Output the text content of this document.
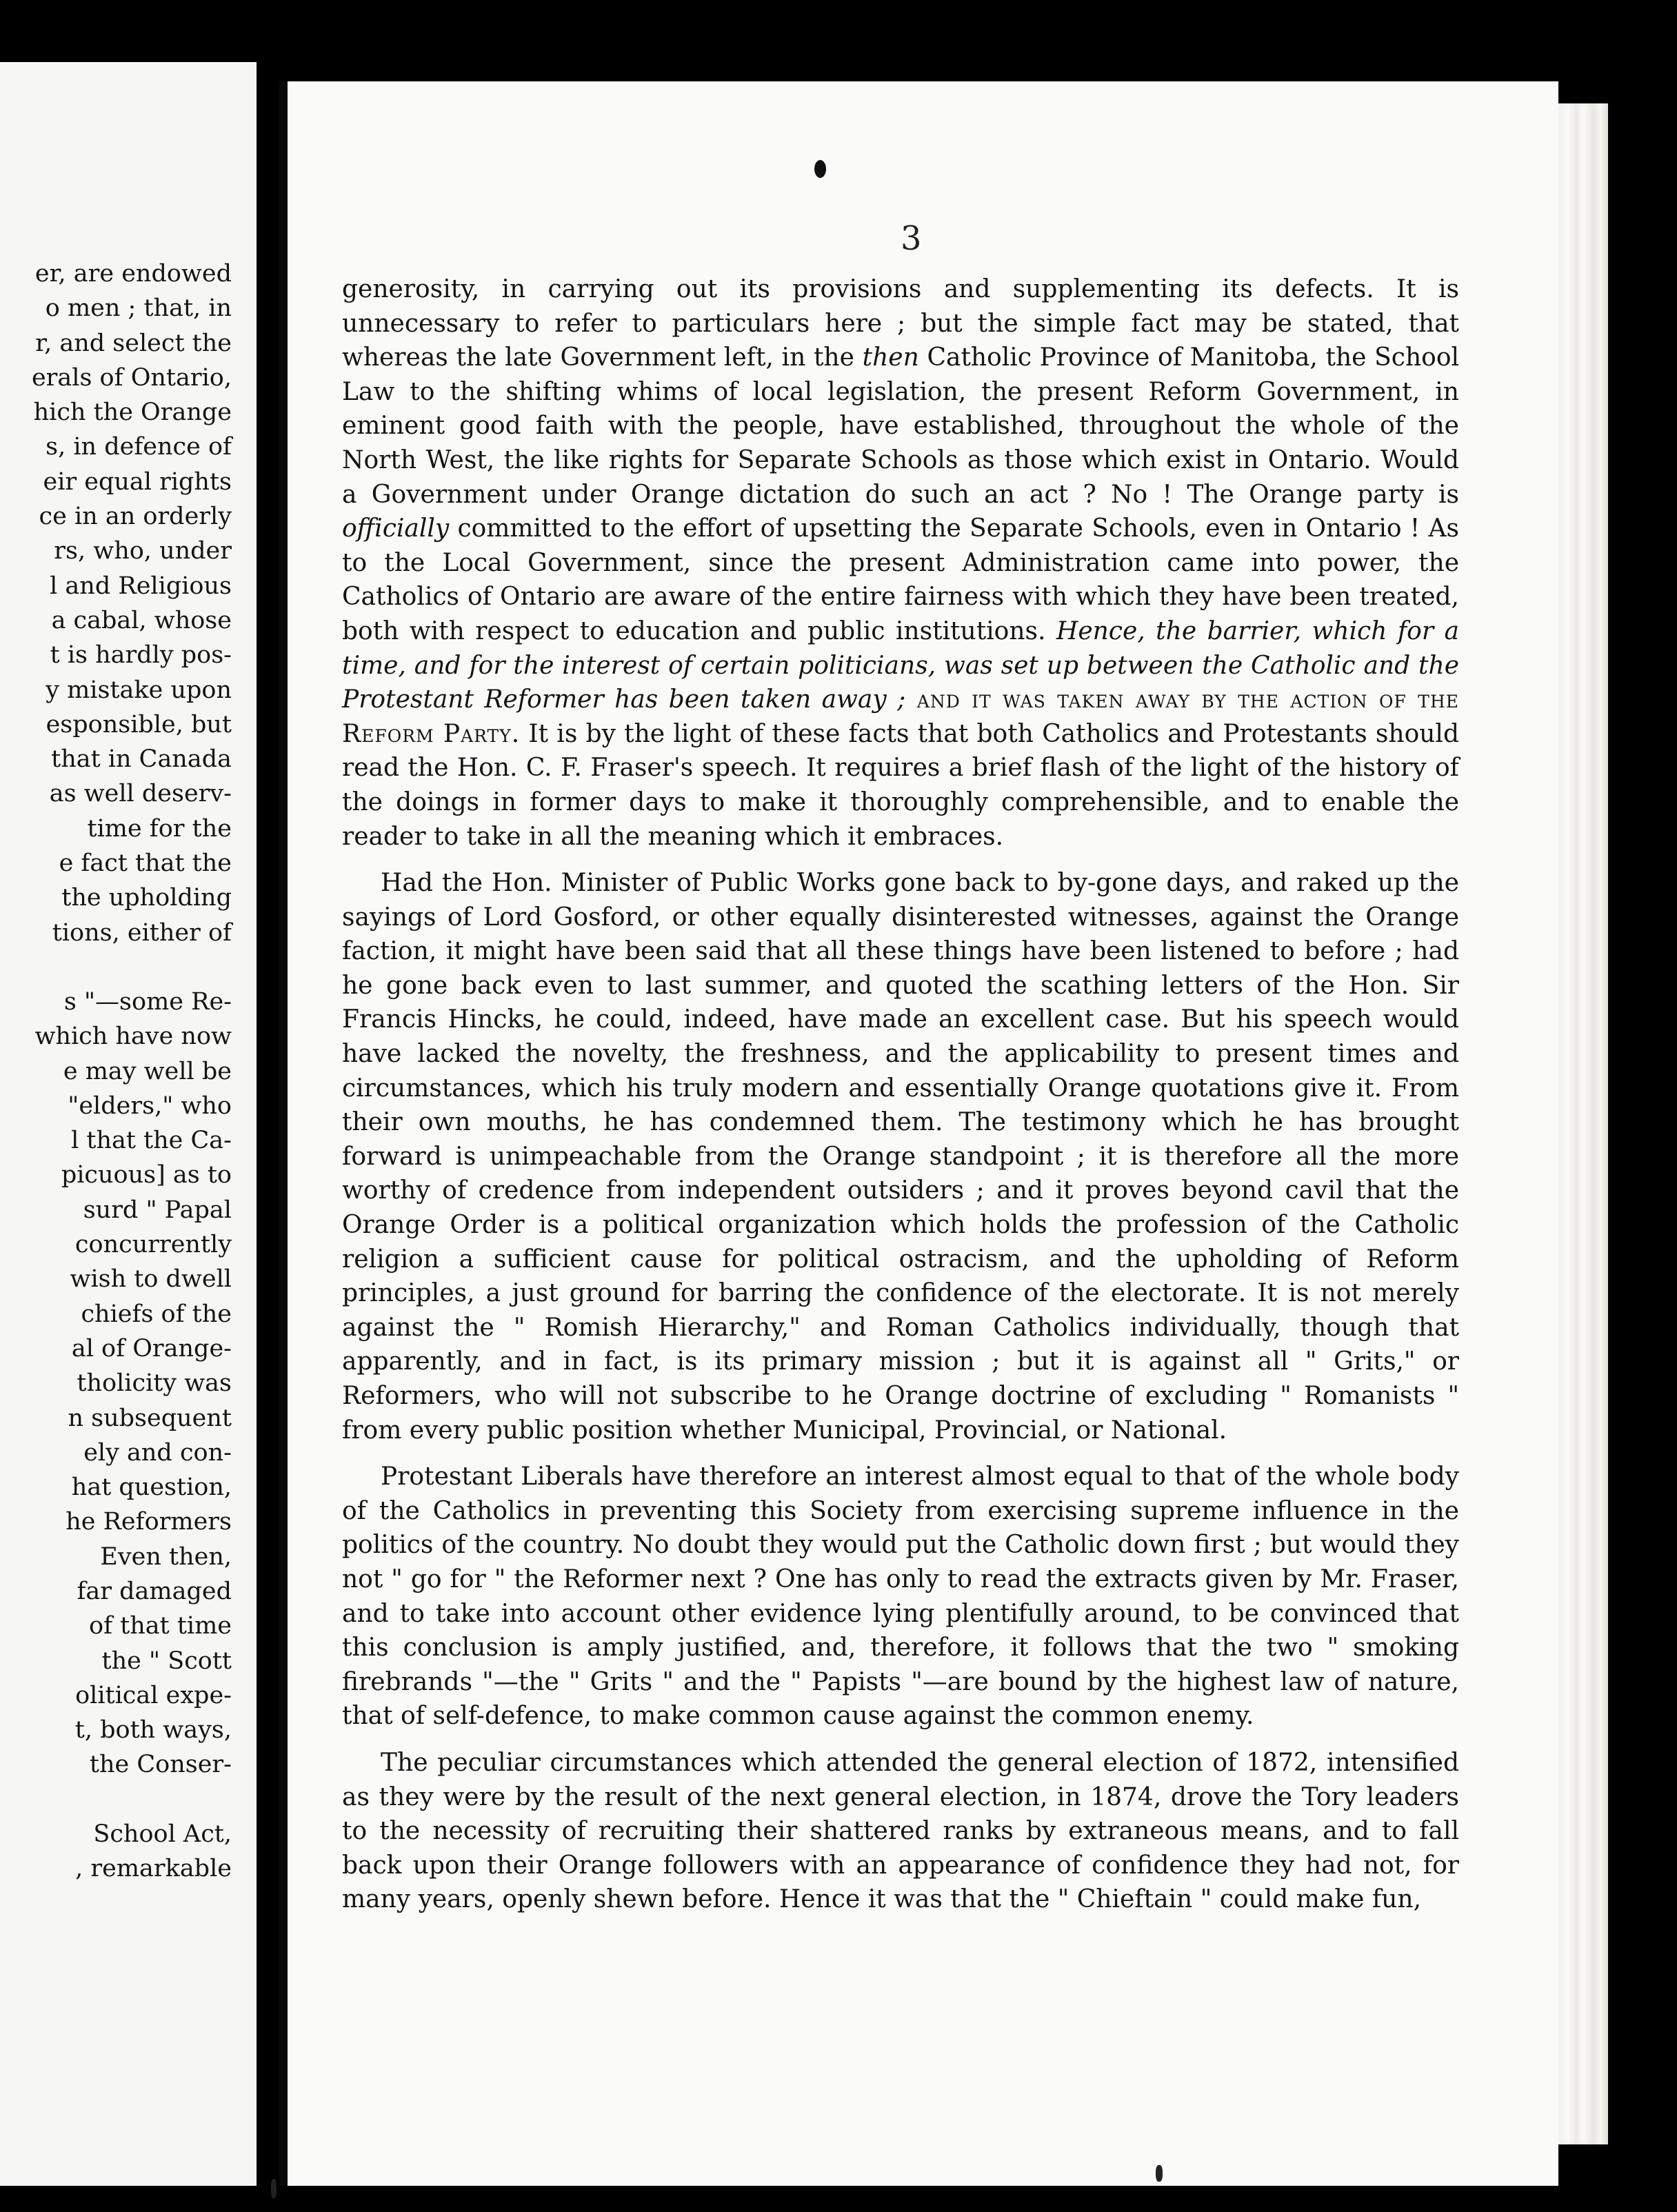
er, are endowed
o men ; that, in
r, and select the
erals of Ontario,
hich the Orange
s, in defence of
eir equal rights
ce in an orderly
rs, who, under
l and Religious
a cabal, whose
t is hardly pos-
y mistake upon
esponsible, but
that in Canada
as well deserv-
time for the
e fact that the
the upholding
tions, either of
s "—some Re-
which have now
e may well be
"elders," who
l that the Ca-
picuous] as to
surd " Papal
concurrently
wish to dwell
chiefs of the
al of Orange-
tholicity was
n subsequent
ely and con-
hat question,
he Reformers
Even then,
far damaged
of that time
the " Scott
olitical expe-
t, both ways,
the Conser-
School Act,
, remarkable
3

generosity, in carrying out its provisions and supplementing its defects. It is unnecessary to refer to particulars here ; but the simple fact may be stated, that whereas the late Government left, in the then Catholic Province of Manitoba, the School Law to the shifting whims of local legislation, the present Reform Government, in eminent good faith with the people, have established, throughout the whole of the North West, the like rights for Separate Schools as those which exist in Ontario. Would a Government under Orange dictation do such an act ? No ! The Orange party is officially committed to the effort of upsetting the Separate Schools, even in Ontario ! As to the Local Government, since the present Administration came into power, the Catholics of Ontario are aware of the entire fairness with which they have been treated, both with respect to education and public institutions. Hence, the barrier, which for a time, and for the interest of certain politicians, was set up between the Catholic and the Protestant Reformer has been taken away ; and it was taken away by the action of the Reform Party. It is by the light of these facts that both Catholics and Protestants should read the Hon. C. F. Fraser's speech. It requires a brief flash of the light of the history of the doings in former days to make it thoroughly comprehensible, and to enable the reader to take in all the meaning which it embraces.

Had the Hon. Minister of Public Works gone back to by-gone days, and raked up the sayings of Lord Gosford, or other equally disinterested witnesses, against the Orange faction, it might have been said that all these things have been listened to before ; had he gone back even to last summer, and quoted the scathing letters of the Hon. Sir Francis Hincks, he could, indeed, have made an excellent case. But his speech would have lacked the novelty, the freshness, and the applicability to present times and circumstances, which his truly modern and essentially Orange quotations give it. From their own mouths, he has condemned them. The testimony which he has brought forward is unimpeachable from the Orange standpoint ; it is therefore all the more worthy of credence from independent outsiders ; and it proves beyond cavil that the Orange Order is a political organization which holds the profession of the Catholic religion a sufficient cause for political ostracism, and the upholding of Reform principles, a just ground for barring the confidence of the electorate. It is not merely against the " Romish Hierarchy," and Roman Catholics individually, though that apparently, and in fact, is its primary mission ; but it is against all " Grits," or Reformers, who will not subscribe to he Orange doctrine of excluding " Romanists " from every public position whether Municipal, Provincial, or National.

Protestant Liberals have therefore an interest almost equal to that of the whole body of the Catholics in preventing this Society from exercising supreme influence in the politics of the country. No doubt they would put the Catholic down first ; but would they not " go for " the Reformer next ? One has only to read the extracts given by Mr. Fraser, and to take into account other evidence lying plentifully around, to be convinced that this conclusion is amply justified, and, therefore, it follows that the two " smoking firebrands "—the " Grits " and the " Papists "—are bound by the highest law of nature, that of self-defence, to make common cause against the common enemy.

The peculiar circumstances which attended the general election of 1872, intensified as they were by the result of the next general election, in 1874, drove the Tory leaders to the necessity of recruiting their shattered ranks by extraneous means, and to fall back upon their Orange followers with an appearance of confidence they had not, for many years, openly shewn before. Hence it was that the " Chieftain " could make fun,
